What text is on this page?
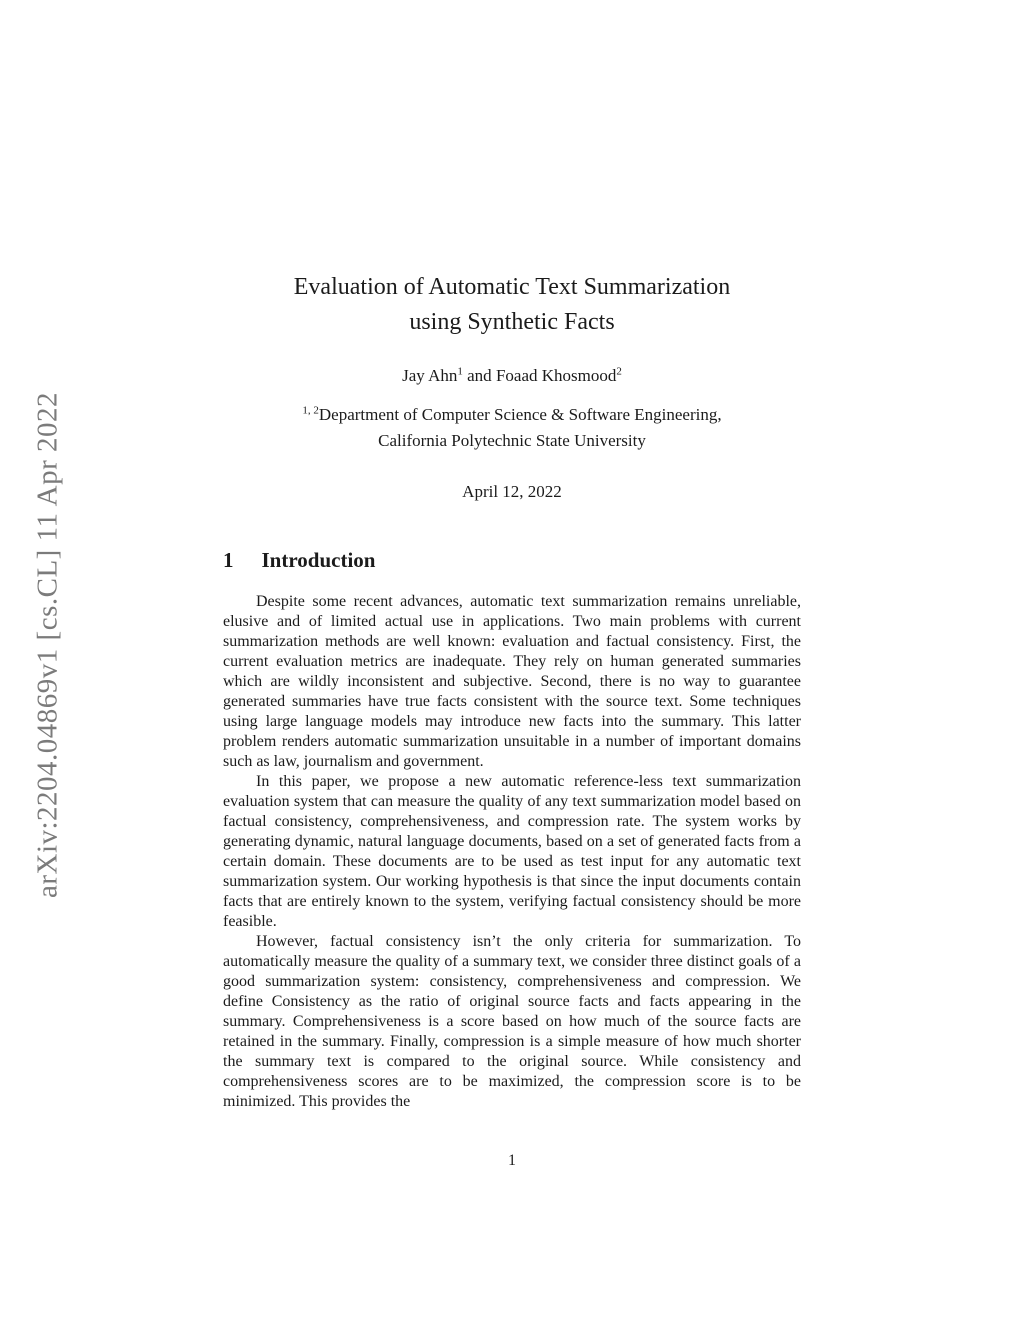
arXiv:2204.04869v1 [cs.CL] 11 Apr 2022
Evaluation of Automatic Text Summarization
using Synthetic Facts
Jay Ahn$^1$ and Foaad Khosmood$^2$
$^{1, 2}$Department of Computer Science & Software Engineering,
California Polytechnic State University
April 12, 2022
1 Introduction

Despite some recent advances, automatic text summarization remains unreliable, elusive and of limited actual use in applications. Two main problems with current summarization methods are well known: evaluation and factual consistency. First, the current evaluation metrics are inadequate. They rely on human generated summaries which are wildly inconsistent and subjective. Second, there is no way to guarantee generated summaries have true facts consistent with the source text. Some techniques using large language models may introduce new facts into the summary. This latter problem renders automatic summarization unsuitable in a number of important domains such as law, journalism and government.

In this paper, we propose a new automatic reference-less text summarization evaluation system that can measure the quality of any text summarization model based on factual consistency, comprehensiveness, and compression rate. The system works by generating dynamic, natural language documents, based on a set of generated facts from a certain domain. These documents are to be used as test input for any automatic text summarization system. Our working hypothesis is that since the input documents contain facts that are entirely known to the system, verifying factual consistency should be more feasible.

However, factual consistency isn’t the only criteria for summarization. To automatically measure the quality of a summary text, we consider three distinct goals of a good summarization system: consistency, comprehensiveness and compression. We define Consistency as the ratio of original source facts and facts appearing in the summary. Comprehensiveness is a score based on how much of the source facts are retained in the summary. Finally, compression is a simple measure of how much shorter the summary text is compared to the original source. While consistency and comprehensiveness scores are to be maximized, the compression score is to be minimized. This provides the

1
